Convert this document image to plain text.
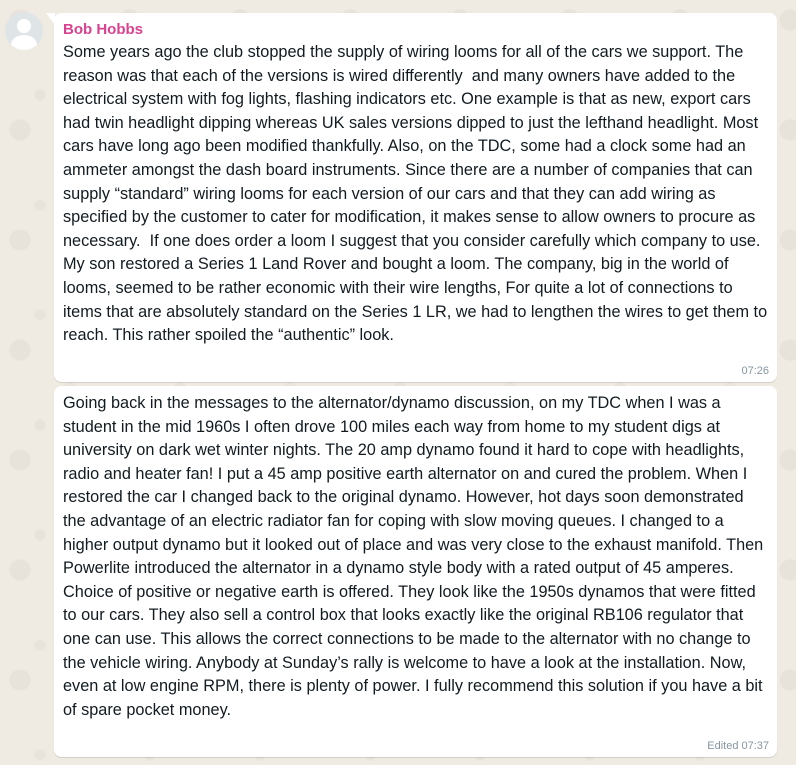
Bob Hobbs
Some years ago the club stopped the supply of wiring looms for all of the cars we support. The reason was that each of the versions is wired differently  and many owners have added to the electrical system with fog lights, flashing indicators etc. One example is that as new, export cars had twin headlight dipping whereas UK sales versions dipped to just the lefthand headlight. Most cars have long ago been modified thankfully. Also, on the TDC, some had a clock some had an ammeter amongst the dash board instruments. Since there are a number of companies that can supply “standard” wiring looms for each version of our cars and that they can add wiring as specified by the customer to cater for modification, it makes sense to allow owners to procure as necessary.  If one does order a loom I suggest that you consider carefully which company to use. My son restored a Series 1 Land Rover and bought a loom. The company, big in the world of looms, seemed to be rather economic with their wire lengths, For quite a lot of connections to items that are absolutely standard on the Series 1 LR, we had to lengthen the wires to get them to reach. This rather spoiled the “authentic” look.
07:26
Going back in the messages to the alternator/dynamo discussion, on my TDC when I was a student in the mid 1960s I often drove 100 miles each way from home to my student digs at university on dark wet winter nights. The 20 amp dynamo found it hard to cope with headlights, radio and heater fan! I put a 45 amp positive earth alternator on and cured the problem. When I restored the car I changed back to the original dynamo. However, hot days soon demonstrated the advantage of an electric radiator fan for coping with slow moving queues. I changed to a higher output dynamo but it looked out of place and was very close to the exhaust manifold. Then Powerlite introduced the alternator in a dynamo style body with a rated output of 45 amperes. Choice of positive or negative earth is offered. They look like the 1950s dynamos that were fitted to our cars. They also sell a control box that looks exactly like the original RB106 regulator that one can use. This allows the correct connections to be made to the alternator with no change to the vehicle wiring. Anybody at Sunday’s rally is welcome to have a look at the installation. Now, even at low engine RPM, there is plenty of power. I fully recommend this solution if you have a bit of spare pocket money.
Edited 07:37
